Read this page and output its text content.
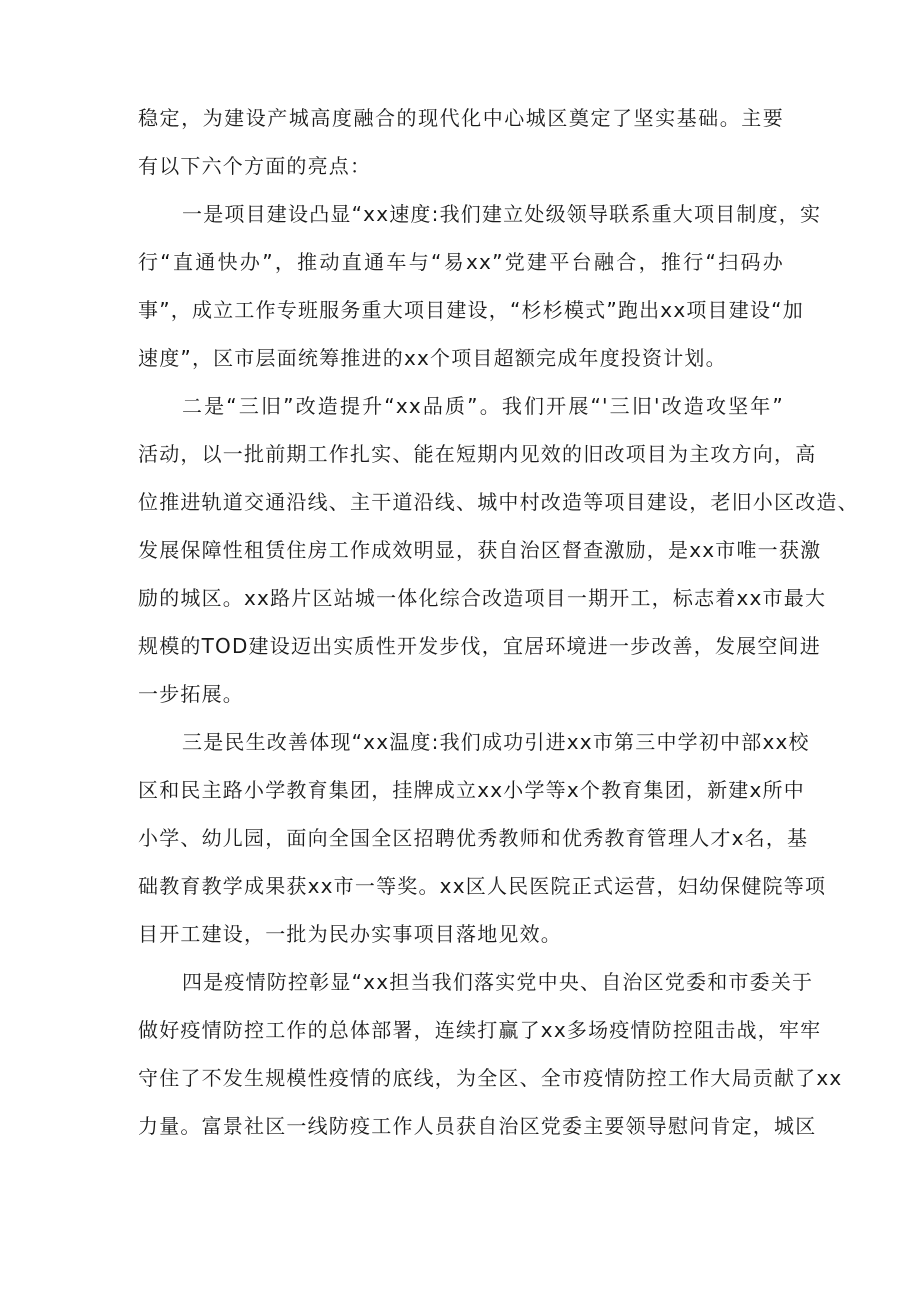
稳定，为建设产城高度融合的现代化中心城区奠定了坚实基础。主要
有以下六个方面的亮点：
一是项目建设凸显“xx速度:我们建立处级领导联系重大项目制度，实
行“直通快办”，推动直通车与“易xx”党建平台融合，推行“扫码办
事”，成立工作专班服务重大项目建设，“杉杉模式”跑出xx项目建设“加
速度”，区市层面统筹推进的xx个项目超额完成年度投资计划。
二是“三旧”改造提升“xx品质”。我们开展“'三旧'改造攻坚年”
活动，以一批前期工作扎实、能在短期内见效的旧改项目为主攻方向，高
位推进轨道交通沿线、主干道沿线、城中村改造等项目建设，老旧小区改造、
发展保障性租赁住房工作成效明显，获自治区督查激励，是xx市唯一获激
励的城区。xx路片区站城一体化综合改造项目一期开工，标志着xx市最大
规模的TOD建设迈出实质性开发步伐，宜居环境进一步改善，发展空间进
一步拓展。
三是民生改善体现“xx温度:我们成功引进xx市第三中学初中部xx校
区和民主路小学教育集团，挂牌成立xx小学等x个教育集团，新建x所中
小学、幼儿园，面向全国全区招聘优秀教师和优秀教育管理人才x名，基
础教育教学成果获xx市一等奖。xx区人民医院正式运营，妇幼保健院等项
目开工建设，一批为民办实事项目落地见效。
四是疫情防控彰显“xx担当我们落实党中央、自治区党委和市委关于
做好疫情防控工作的总体部署，连续打赢了xx多场疫情防控阻击战，牢牢
守住了不发生规模性疫情的底线，为全区、全市疫情防控工作大局贡献了xx
力量。富景社区一线防疫工作人员获自治区党委主要领导慰问肯定，城区
